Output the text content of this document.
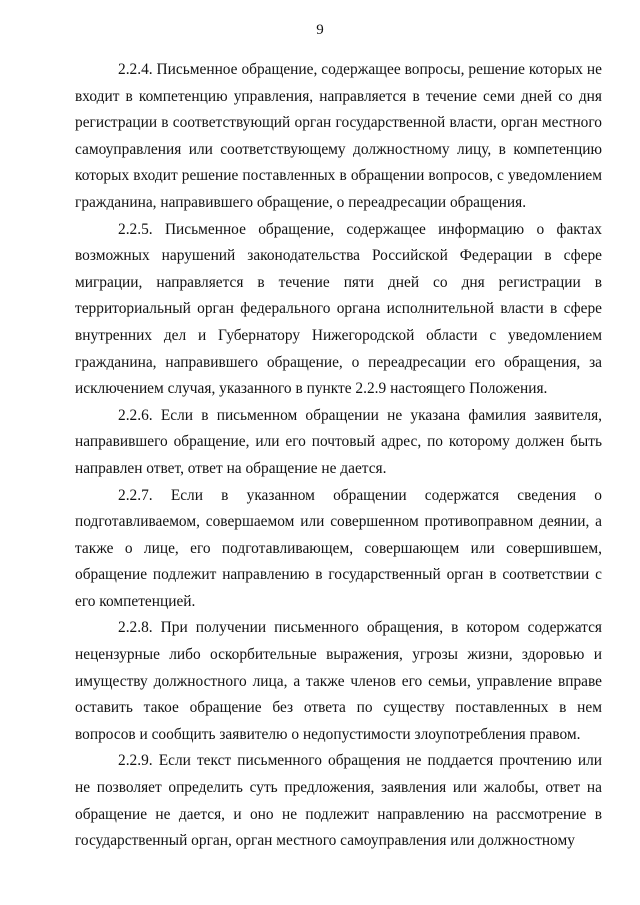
9

2.2.4. Письменное обращение, содержащее вопросы, решение которых не входит в компетенцию управления, направляется в течение семи дней со дня регистрации в соответствующий орган государственной власти, орган местного самоуправления или соответствующему должностному лицу, в компетенцию которых входит решение поставленных в обращении вопросов, с уведомлением гражданина, направившего обращение, о переадресации обращения.

2.2.5. Письменное обращение, содержащее информацию о фактах возможных нарушений законодательства Российской Федерации в сфере миграции, направляется в течение пяти дней со дня регистрации в территориальный орган федерального органа исполнительной власти в сфере внутренних дел и Губернатору Нижегородской области с уведомлением гражданина, направившего обращение, о переадресации его обращения, за исключением случая, указанного в пункте 2.2.9 настоящего Положения.

2.2.6. Если в письменном обращении не указана фамилия заявителя, направившего обращение, или его почтовый адрес, по которому должен быть направлен ответ, ответ на обращение не дается.

2.2.7. Если в указанном обращении содержатся сведения о подготавливаемом, совершаемом или совершенном противоправном деянии, а также о лице, его подготавливающем, совершающем или совершившем, обращение подлежит направлению в государственный орган в соответствии с его компетенцией.

2.2.8. При получении письменного обращения, в котором содержатся нецензурные либо оскорбительные выражения, угрозы жизни, здоровью и имуществу должностного лица, а также членов его семьи, управление вправе оставить такое обращение без ответа по существу поставленных в нем вопросов и сообщить заявителю о недопустимости злоупотребления правом.

2.2.9. Если текст письменного обращения не поддается прочтению или не позволяет определить суть предложения, заявления или жалобы, ответ на обращение не дается, и оно не подлежит направлению на рассмотрение в государственный орган, орган местного самоуправления или должностному
